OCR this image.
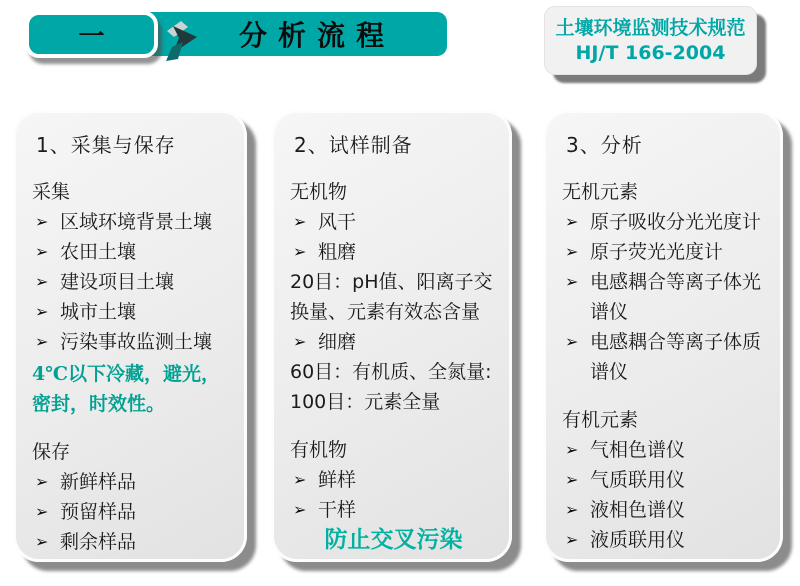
分析流程
一	土壤环境监测技术规范
HJ/T 166-2004
1、采集与保存
采集
➢
区域环境背景土壤
➢
农田土壤
➢
建设项目土壤
➢
城市土壤
➢
污染事故监测土壤

4℃以下冷藏，避光，密封，时效性。

保存
➢
新鲜样品
➢
预留样品
➢
剩余样品
2、试样制备
无机物
➢
风干
➢
粗磨
20目：pH值、阳离子交换量、元素有效态含量
➢
细磨
60目：有机质、全氮量:
100目：元素全量
有机物
➢
鲜样
➢
干样
防止交叉污染
3、分析
无机元素
➢
原子吸收分光光度计
➢
原子荧光光度计
➢
电感耦合等离子体光谱仪
➢
电感耦合等离子体质谱仪
有机元素
➢
气相色谱仪
➢
气质联用仪
➢
液相色谱仪
➢
液质联用仪
